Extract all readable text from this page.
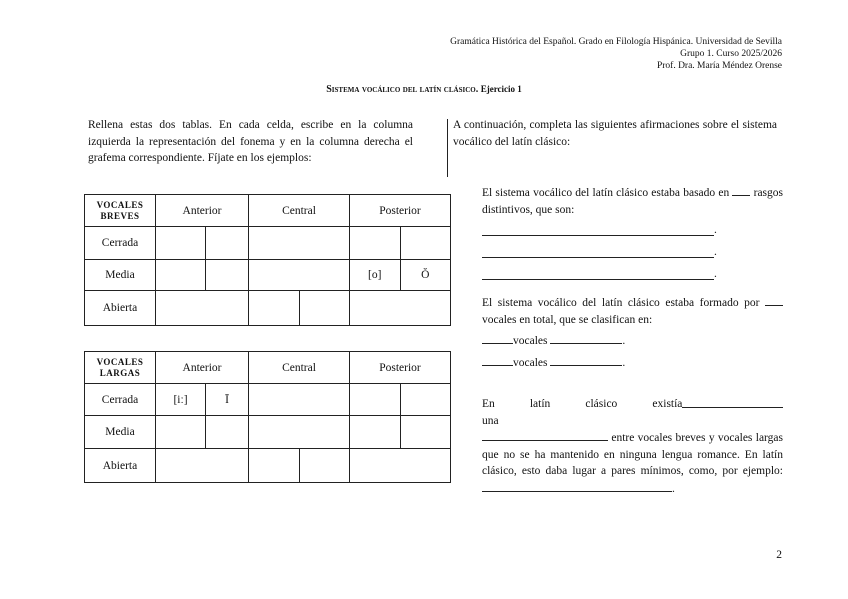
Gramática Histórica del Español. Grado en Filología Hispánica. Universidad de Sevilla
Grupo 1. Curso 2025/2026
Prof. Dra. María Méndez Orense
Sistema vocálico del latín clásico. Ejercicio 1
Rellena estas dos tablas. En cada celda, escribe en la columna izquierda la representación del fonema y en la columna derecha el grafema correspondiente. Fíjate en los ejemplos:
A continuación, completa las siguientes afirmaciones sobre el sistema vocálico del latín clásico:
VOCALES
BREVES	Anterior		Central		Posterior	
Cerrada						
Media					[o]	Ŏ
Abierta						
VOCALES
LARGAS	Anterior		Central		Posterior	
Cerrada	[iː]	Ī				
Media						
Abierta						
El sistema vocálico del latín clásico estaba basado en rasgos distintivos, que son:
.
.
.
El sistema vocálico del latín clásico estaba formado por  vocales en total, que se clasifican en:
vocales	.
vocales	.
En latín clásico existía una
entre vocales breves y vocales largas que no se ha mantenido en ninguna lengua romance. En latín clásico, esto daba lugar a pares mínimos, como, por ejemplo: .
2
